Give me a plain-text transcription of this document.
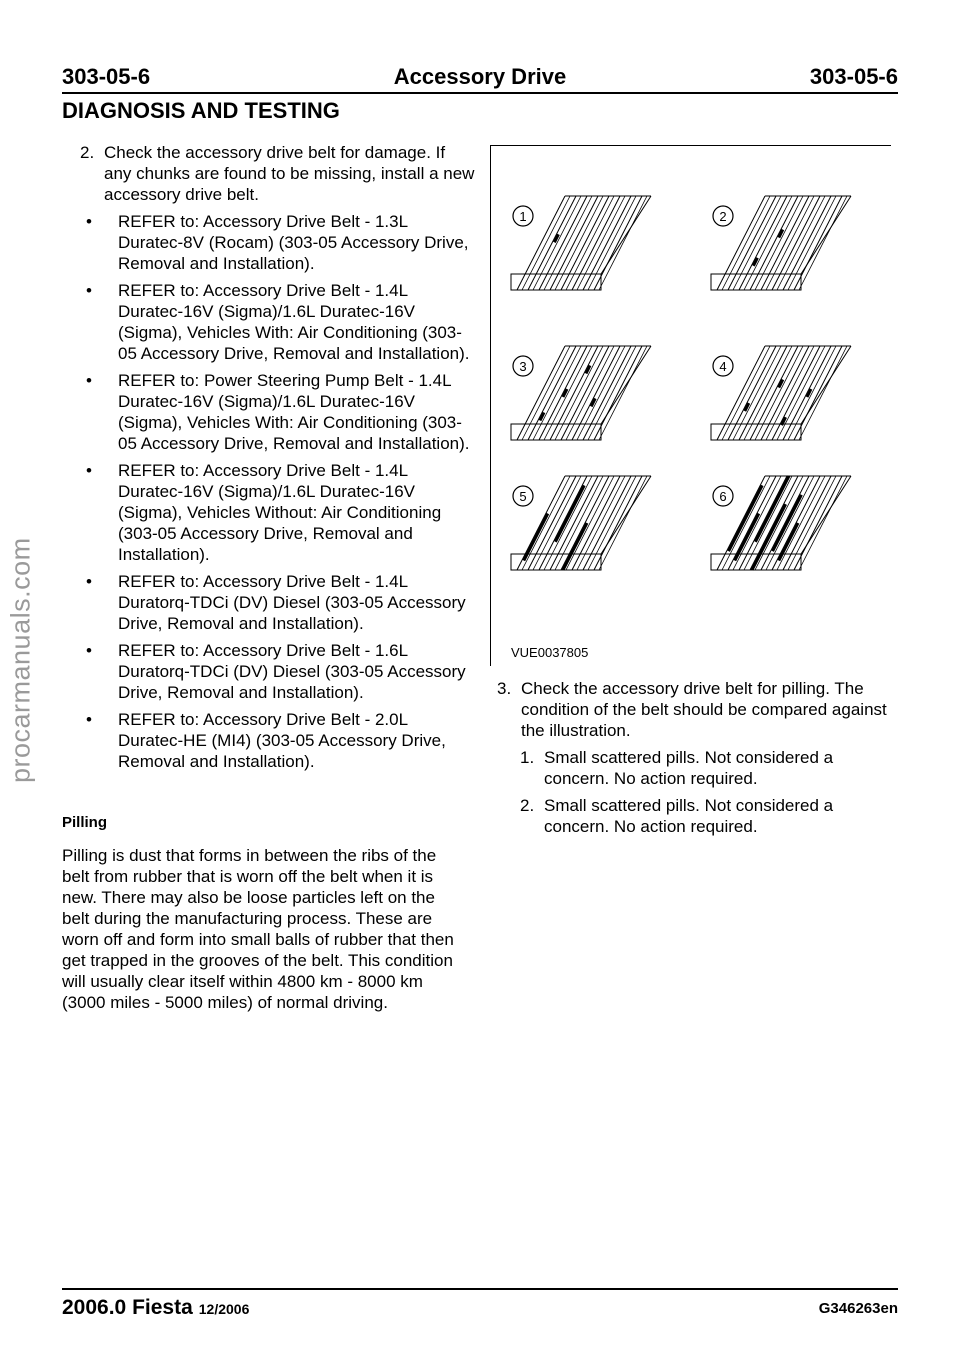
procarmanuals.com
303-05-6	Accessory Drive	303-05-6
DIAGNOSIS AND TESTING
2. Check the accessory drive belt for damage. If any chunks are found to be missing, install a new accessory drive belt.
• REFER to: Accessory Drive Belt - 1.3L Duratec-8V (Rocam) (303-05 Accessory Drive, Removal and Installation).
• REFER to: Accessory Drive Belt - 1.4L Duratec-16V (Sigma)/1.6L Duratec-16V (Sigma), Vehicles With: Air Conditioning (303-05 Accessory Drive, Removal and Installation).
• REFER to: Power Steering Pump Belt - 1.4L Duratec-16V (Sigma)/1.6L Duratec-16V (Sigma), Vehicles With: Air Conditioning (303-05 Accessory Drive, Removal and Installation).
• REFER to: Accessory Drive Belt - 1.4L Duratec-16V (Sigma)/1.6L Duratec-16V (Sigma), Vehicles Without: Air Conditioning (303-05 Accessory Drive, Removal and Installation).
• REFER to: Accessory Drive Belt - 1.4L Duratorq-TDCi (DV) Diesel (303-05 Accessory Drive, Removal and Installation).
• REFER to: Accessory Drive Belt - 1.6L Duratorq-TDCi (DV) Diesel (303-05 Accessory Drive, Removal and Installation).
• REFER to: Accessory Drive Belt - 2.0L Duratec-HE (MI4) (303-05 Accessory Drive, Removal and Installation).
Pilling
Pilling is dust that forms in between the ribs of the belt from rubber that is worn off the belt when it is new. There may also be loose particles left on the belt during the manufacturing process. These are worn off and form into small balls of rubber that then get trapped in the grooves of the belt. This condition will usually clear itself within 4800 km - 8000 km (3000 miles - 5000 miles) of normal driving.
1	2
3	4
5	6
VUE0037805
3. Check the accessory drive belt for pilling. The condition of the belt should be compared against the illustration.
1. Small scattered pills. Not considered a concern. No action required.
2. Small scattered pills. Not considered a concern. No action required.
2006.0 Fiesta 12/2006	G346263en
